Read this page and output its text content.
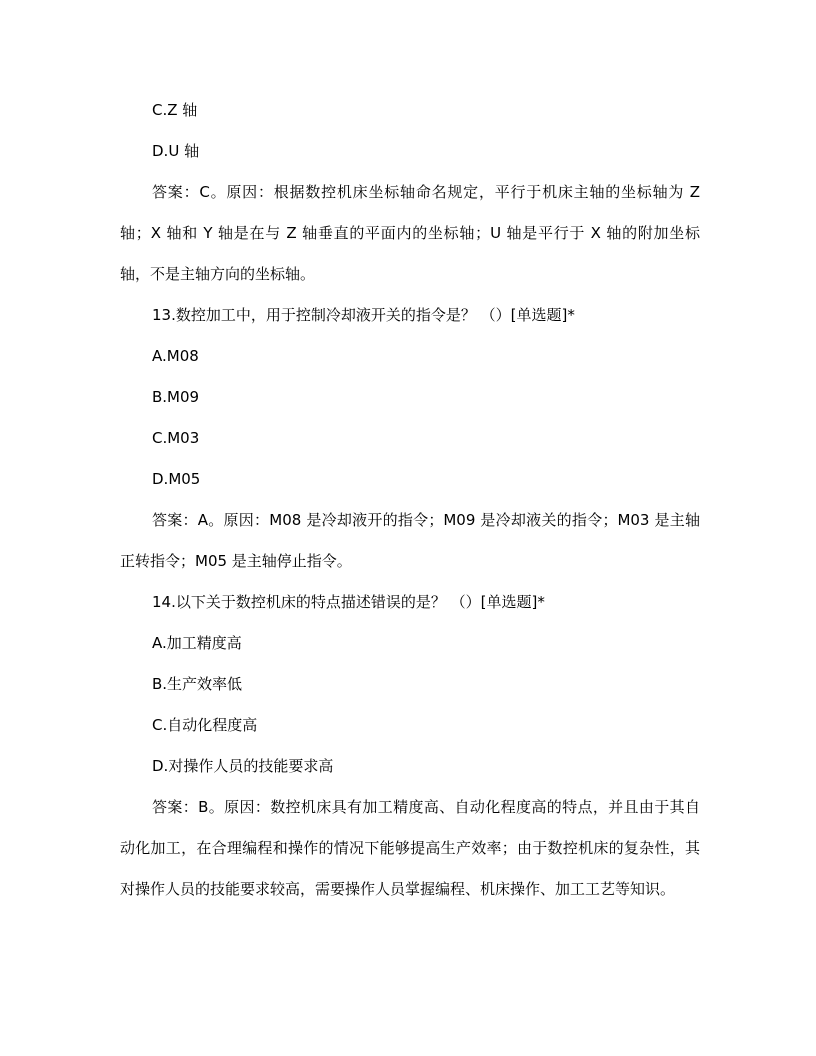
C.Z 轴

D.U 轴

答案：C。原因：根据数控机床坐标轴命名规定，平行于机床主轴的坐标轴为 Z 轴；X 轴和 Y 轴是在与 Z 轴垂直的平面内的坐标轴；U 轴是平行于 X 轴的附加坐标轴，不是主轴方向的坐标轴。

13.数控加工中，用于控制冷却液开关的指令是？ （）[单选题]*

A.M08

B.M09

C.M03

D.M05

答案：A。原因：M08 是冷却液开的指令；M09 是冷却液关的指令；M03 是主轴正转指令；M05 是主轴停止指令。

14.以下关于数控机床的特点描述错误的是？ （）[单选题]*

A.加工精度高

B.生产效率低

C.自动化程度高

D.对操作人员的技能要求高

答案：B。原因：数控机床具有加工精度高、自动化程度高的特点，并且由于其自动化加工，在合理编程和操作的情况下能够提高生产效率；由于数控机床的复杂性，其对操作人员的技能要求较高，需要操作人员掌握编程、机床操作、加工工艺等知识。
